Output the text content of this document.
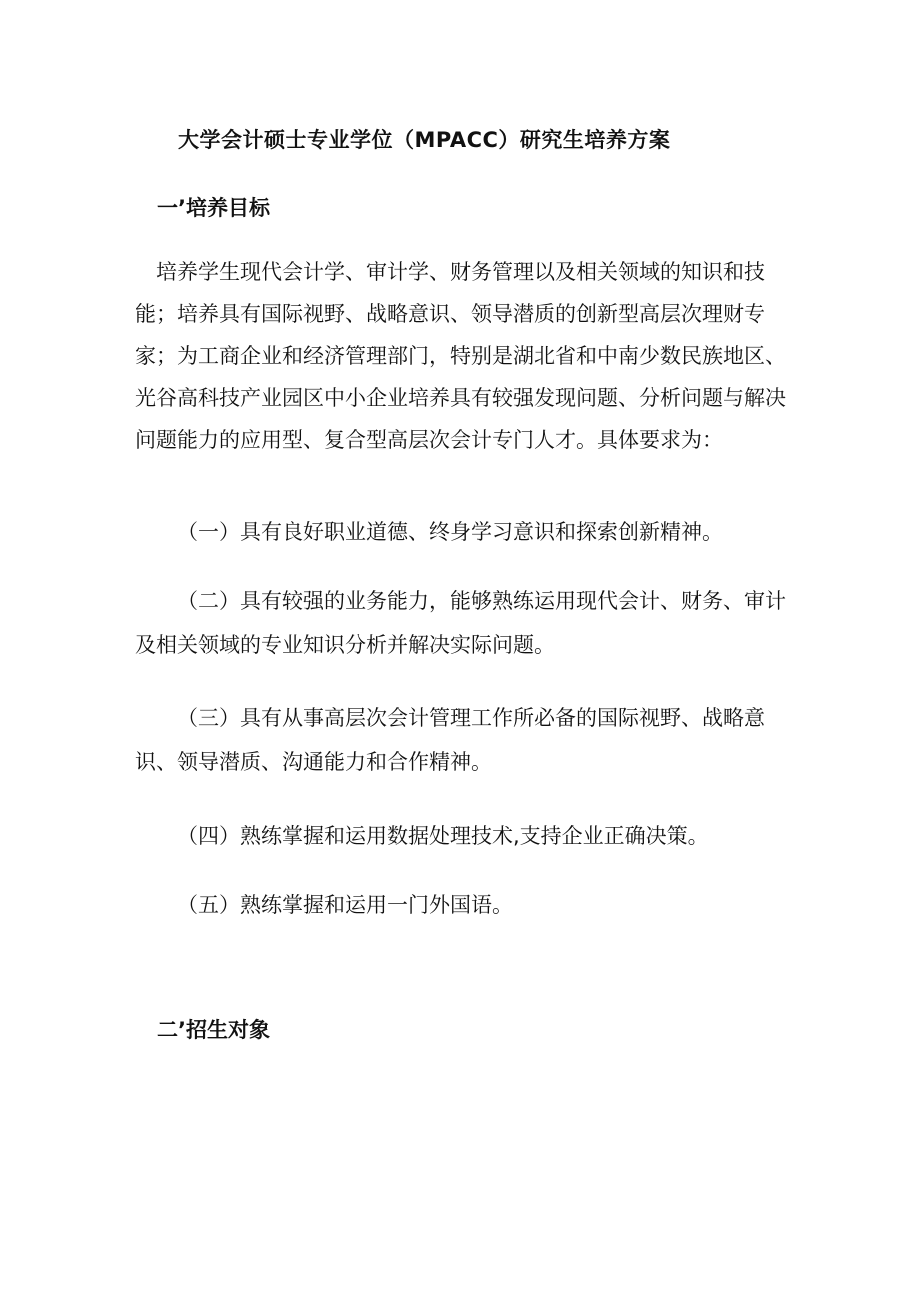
大学会计硕士专业学位（MPACC）研究生培养方案
一’培养目标

培养学生现代会计学、审计学、财务管理以及相关领域的知识和技能；培养具有国际视野、战略意识、领导潜质的创新型高层次理财专家；为工商企业和经济管理部门，特别是湖北省和中南少数民族地区、光谷高科技产业园区中小企业培养具有较强发现问题、分析问题与解决问题能力的应用型、复合型高层次会计专门人才。具体要求为：

（一）具有良好职业道德、终身学习意识和探索创新精神。

（二）具有较强的业务能力，能够熟练运用现代会计、财务、审计及相关领域的专业知识分析并解决实际问题。

（三）具有从事高层次会计管理工作所必备的国际视野、战略意识、领导潜质、沟通能力和合作精神。

（四）熟练掌握和运用数据处理技术,支持企业正确决策。

（五）熟练掌握和运用一门外国语。

二’招生对象
